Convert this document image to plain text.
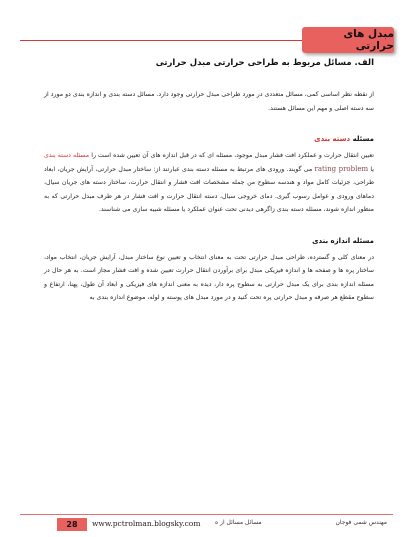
مبدل های حرارتی
الف. مسائل مربوط به طراحی حرارتی مبدل حرارتی

از نقطه نظر اساسی کمی، مسائل متعددی در مورد طراحی مبدل حرارتی وجود دارد. مسائل دسته بندی و اندازه بندی دو مورد از سه دسته اصلی و مهم این مسائل هستند.

مسئله دسته بندی

تعیین انتقال حرارت و عملکرد افت فشار مبدل موجود، مسئله ای که در قبل اندازه های آن تعیین شده است را مسئله دسته بندی یا rating problem می گویند. ورودی های مرتبط به مسئله دسته بندی عبارتند از: ساختار مبدل حرارتی، آرایش جریان، ابعاد طراحی، جزئیات کامل مواد و هندسه سطوح من جمله مشخصات افت فشار و انتقال حرارت، ساختار دسته های جریان سیال، دماهای ورودی و عوامل رسوب گیری. دمای خروجی سیال، دسته انتقال حرارت و افت فشار در هر طرف مبدل حرارتی که به منظور اندازه شوند، مسئله دسته بندی زاگرهی دیدنی تحت عنوان عملکرد یا مسئله شبیه سازی می شناسند.

مسئله اندازه بندی

در معنای کلی و گسترده، طراحی مبدل حرارتی تحت به معنای انتخاب و تعیین نوع ساختار مبدل، آرایش جریان، انتخاب مواد، ساختار پره ها و صفحه ها و اندازه فیزیکی مبدل برای برآوردن انتقال حرارت تعیین شده و افت فشار مجاز است. به هر حال در مسئله اندازه بندی برای یک مبدل حرارتی به سطوح پره دار، دیده به معنی اندازه های فیزیکی و ابعاد آن طول، پهنا، ارتفاع و سطوح مقطع هر صرفه و مبدل حرارتی پره تحت کنید و در مورد مبدل های پوسته و لوله، موضوع اندازه بندی به

28	www.pctrolman.blogsky.com مسائل مسائل از ه	مهندس شمی فوجان
